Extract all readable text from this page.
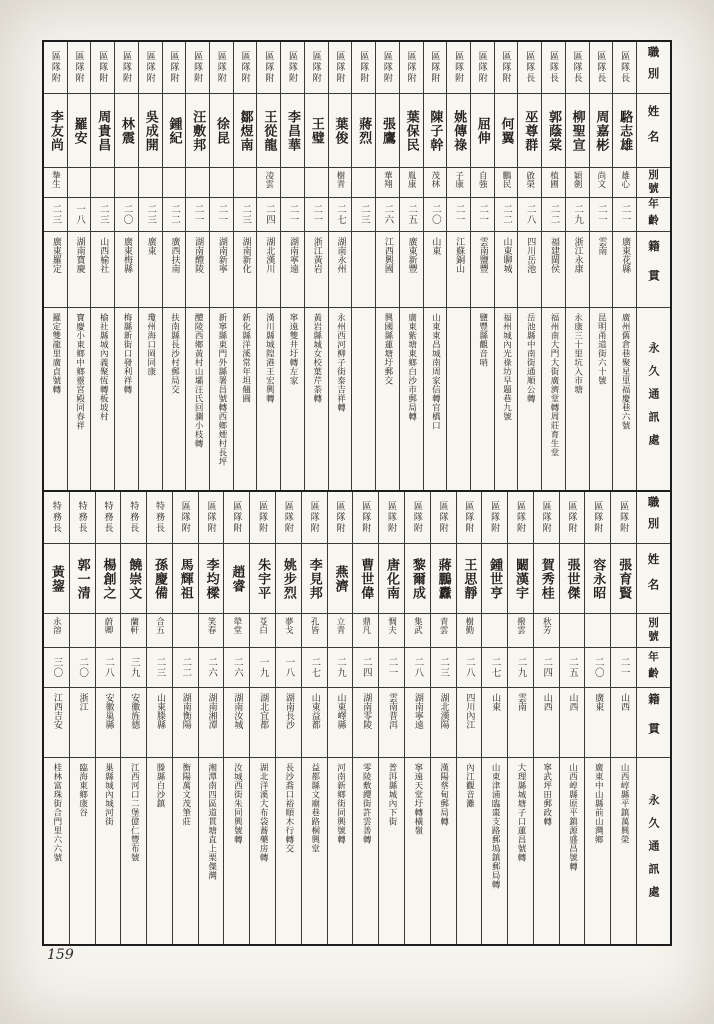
區隊附
李友尚
摯生
二三
廣東羅定
羅定雙龍里廣貞號轉
區隊附
羅安
一八
湖南寶慶
寶慶小東鄉中鄉靈宮殿同春祥
區隊附
周貴昌
二三
山西榆社
榆社縣城內義聚恆轉板坡村
區隊附
林震
二〇
廣東梅縣
梅縣新街口發利祥轉
區隊附
吳成開
二三
廣東
瓊州海口岡同康
區隊附
鍾紀
二二
廣西扶南
扶南縣長沙村郵局交
區隊附
汪敷邦
二一
湖南醴陵
醴陵西鄉黃村山壩汪氏回瀾小枝轉
區隊附
徐昆
二一
湖南新寧
新寧縣東門外縣署昌號轉西鄉煙村長坪
區隊附
鄒煜南
二三
湖南新化
新化縣洋溪常年坦翹圓
區隊附
王從龍
凌雲
二四
湖北漢川
漢川縣城隍港王宏興轉
區隊附
李昌華
二一
湖南寧遠
寧遠雙井圩轉左家
區隊附
王璧
二一
浙江黃岩
黃岩縣城女校葉芹荼轉
區隊附
葉俊
樹青
二七
湖南永州
永州西河柳子街泰吉祥轉
區隊附
蔣烈
二三
區隊附
張鷹
華翔
二六
江西興國
興國縣蓮塘圩郵交
區隊附
葉保民
胤康
二五
廣東新豐
廣東紫塘東鄉白沙市郵局轉
區隊附
陳子幹
茂林
二〇
山東
山東東昌城南周家信轉官橋口
區隊附
姚傳祿
子康
二一
江蘇銅山
區隊附
屈伸
自強
二一
雲南鹽豐
鹽豐縣觀音哨
區隊附
何翼
鵬民
二二
山東聊城
福州城內光祿坊早題巷九號
區隊長
巫尊群
啟榮
二八
四川岳池
岳池縣中南街通順公轉
區隊長
郭蔭棠
植圃
二二
福建閩侯
福州南大門大街廣濟堂轉周莊育生堂
區隊長
柳聖宣
穎劍
二九
浙江永康
永康三十里坑入市塘
區隊長
周嘉彬
尚文
二一
雲南
昆明甬道街六十號
區隊長
駱志雄
雄心
二一
廣東花縣
廣州舊倉巷聚星里福慶巷六號
職別
姓名
別號
年齡
籍貫
永久通訊處
特務長
黃鋆
永溶
三〇
江西吉安
桂林富珠街合門里六六號
特務長
郭一清
二〇
浙江
臨海東鄉康谷
特務長
楊創之
蔚卿
二八
安徽巢縣
巢縣城內城河街
特務長
饒崇文
蘭軒
三九
安徽旌德
江西河口二堡億仁豐布號
特務長
孫慶備
合五
二三
山東滕縣
滕縣白沙鎮
區隊附
馬輝祖
二二
湖南衡陽
衡陽萬文茂筆莊
區隊附
李均樑
笑春
二六
湖南湘潭
湘潭南四區道貫塘直上栗傑灣
區隊附
趙睿
犖堂
二六
湖南汝城
汝城西街朱同興號轉
區隊附
朱宇平
芟白
一九
湖北宜都
湖北洋溪大布袋蕎藥房轉
區隊附
姚步烈
夢戈
一八
湖南長沙
長沙喬口裕順木行轉交
區隊附
李見邦
孔皆
二七
山東益都
益都縣文廟巷路桐興堂
區隊附
燕濟
立青
二九
山東嶧縣
河南新鄉街同興號轉
區隊附
曹世偉
鼎凡
二四
湖南零陵
零陵敷纓街許雲善轉
區隊附
唐化南
惆夫
二一
雲南普洱
普洱縣城內下街
區隊附
黎爾成
集武
二八
湖南寧遠
寧遠天堂圩轉橫嶺
區隊附
蔣鵬纛
青雲
二三
湖北漢陽
漢陽蔡甸郵局轉
區隊附
王思靜
樹勤
二八
四川內江
內江觀音灘
區隊附
鍾世亨
二七
山東
山東津浦臨棗支路郵塢鎮郵局轉
區隊附
闞漢宇
撥雲
二九
雲南
大理縣城塘子口蓮昌號轉
區隊附
賀秀桂
秋芳
二四
山西
寧武坪田郵政轉
區隊附
張世傑
二五
山西
山西崞縣原平鎮源盛昌號轉
區隊附
容永昭
二〇
廣東
廣東中山縣前山灣鄉
區隊附
張育賢
二一
山西
山西崞縣平鎮萬興榮
職別
姓名
別號
年齡
籍貫
永久通訊處
159
